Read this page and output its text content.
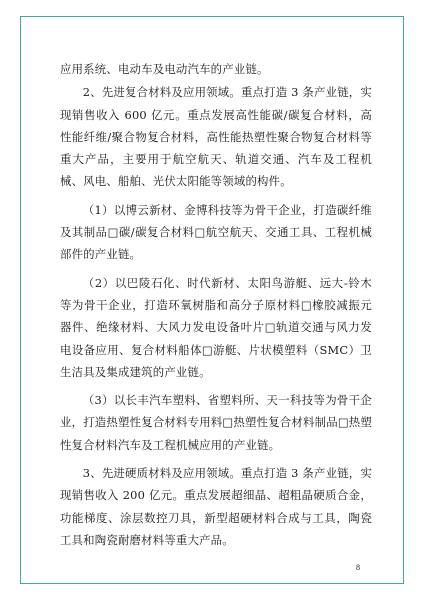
应用系统、电动车及电动汽车的产业链。

2、先进复合材料及应用领域。重点打造 3 条产业链，实现销售收入 600 亿元。重点发展高性能碳/碳复合材料，高性能纤维/聚合物复合材料，高性能热塑性聚合物复合材料等重大产品，主要用于航空航天、轨道交通、汽车及工程机械、风电、船舶、光伏太阳能等领域的构件。

（1）以博云新材、金博科技等为骨干企业，打造碳纤维及其制品□碳/碳复合材料□航空航天、交通工具、工程机械部件的产业链。

（2）以巴陵石化、时代新材、太阳鸟游艇、远大-铃木等为骨干企业，打造环氧树脂和高分子原材料□橡胶减振元器件、绝缘材料、大风力发电设备叶片□轨道交通与风力发电设备应用、复合材料船体□游艇、片状模塑料（SMC）卫生洁具及集成建筑的产业链。

（3）以长丰汽车塑料、省塑料所、天一科技等为骨干企业，打造热塑性复合材料专用料□热塑性复合材料制品□热塑性复合材料汽车及工程机械应用的产业链。

3、先进硬质材料及应用领域。重点打造 3 条产业链，实现销售收入 200 亿元。重点发展超细晶、超粗晶硬质合金，功能梯度、涂层数控刀具，新型超硬材料合成与工具，陶瓷工具和陶瓷耐磨材料等重大产品。

8
